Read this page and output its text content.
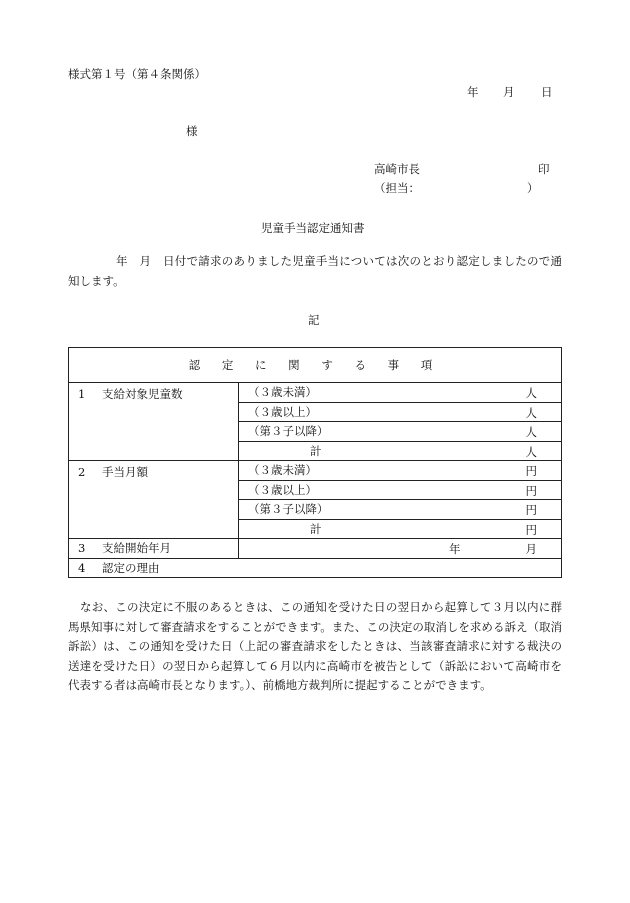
様式第１号（第４条関係）
年 月 日
様
高崎市長	印
（担当：	）
児童手当認定通知書
年　 月　 日付で請求のありました児童手当については次のとおり認定しましたので通知します。
記
認 定 に 関 す る 事 項	
1 支給対象児童数	（３歳未満） 人

	（３歳以上） 人

	（第３子以降） 人

	計 人

2 手当月額	（３歳未満） 円

	（３歳以上） 円

	（第３子以降） 円

	計 円

3 支給開始年月	年 月

4 認定の理由	
なお、この決定に不服のあるときは、この通知を受けた日の翌日から起算して３月以内に群馬県知事に対して審査請求をすることができます。また、この決定の取消しを求める訴え（取消訴訟）は、この通知を受けた日（上記の審査請求をしたときは、当該審査請求に対する裁決の送達を受けた日）の翌日から起算して６月以内に高崎市を被告として（訴訟において高崎市を代表する者は高崎市長となります。）、前橋地方裁判所に提起することができます。
